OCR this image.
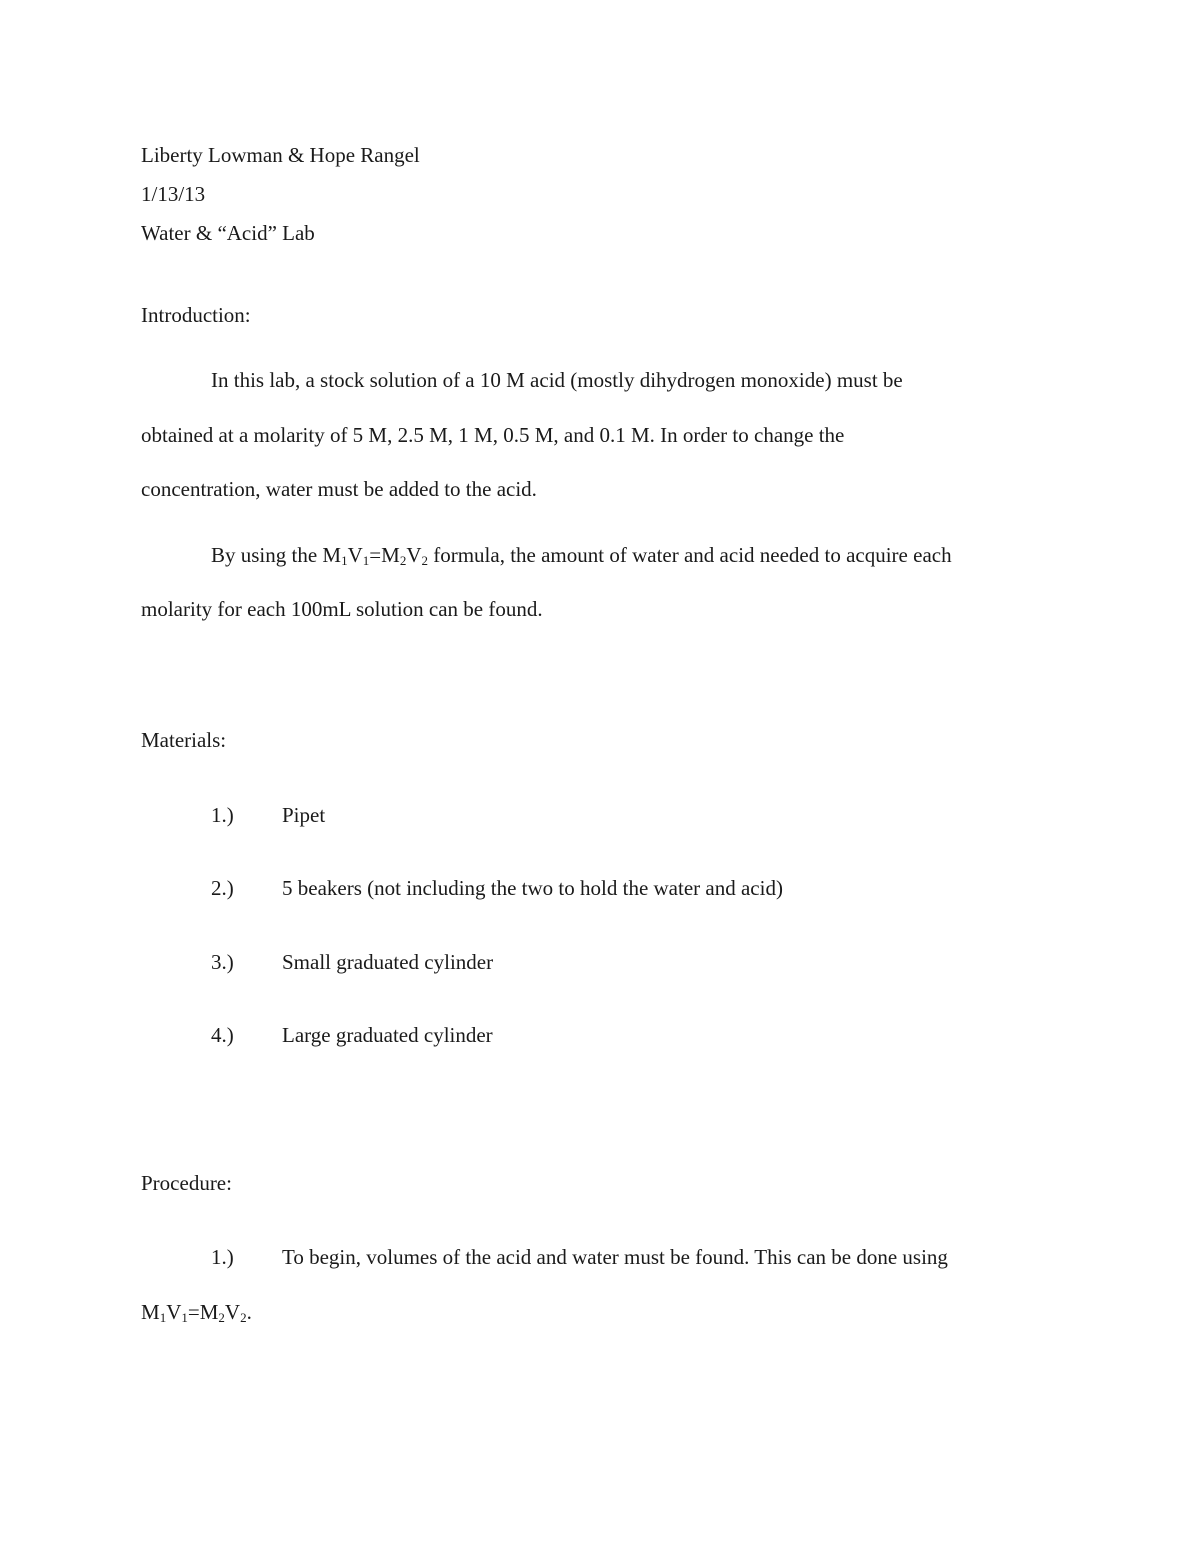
Liberty Lowman & Hope Rangel
1/13/13
Water & “Acid” Lab
Introduction:
In this lab, a stock solution of a 10 M acid (mostly dihydrogen monoxide) must be
obtained at a molarity of 5 M, 2.5 M, 1 M, 0.5 M, and 0.1 M. In order to change the
concentration, water must be added to the acid.
By using the $M_1V_1=M_2V_2$ formula, the amount of water and acid needed to acquire each
molarity for each 100mL solution can be found.
Materials:
1.) Pipet
2.) 5 beakers (not including the two to hold the water and acid)
3.) Small graduated cylinder
4.) Large graduated cylinder
Procedure:
1.) To begin, volumes of the acid and water must be found. This can be done using
$M_1V_1=M_2V_2$.
